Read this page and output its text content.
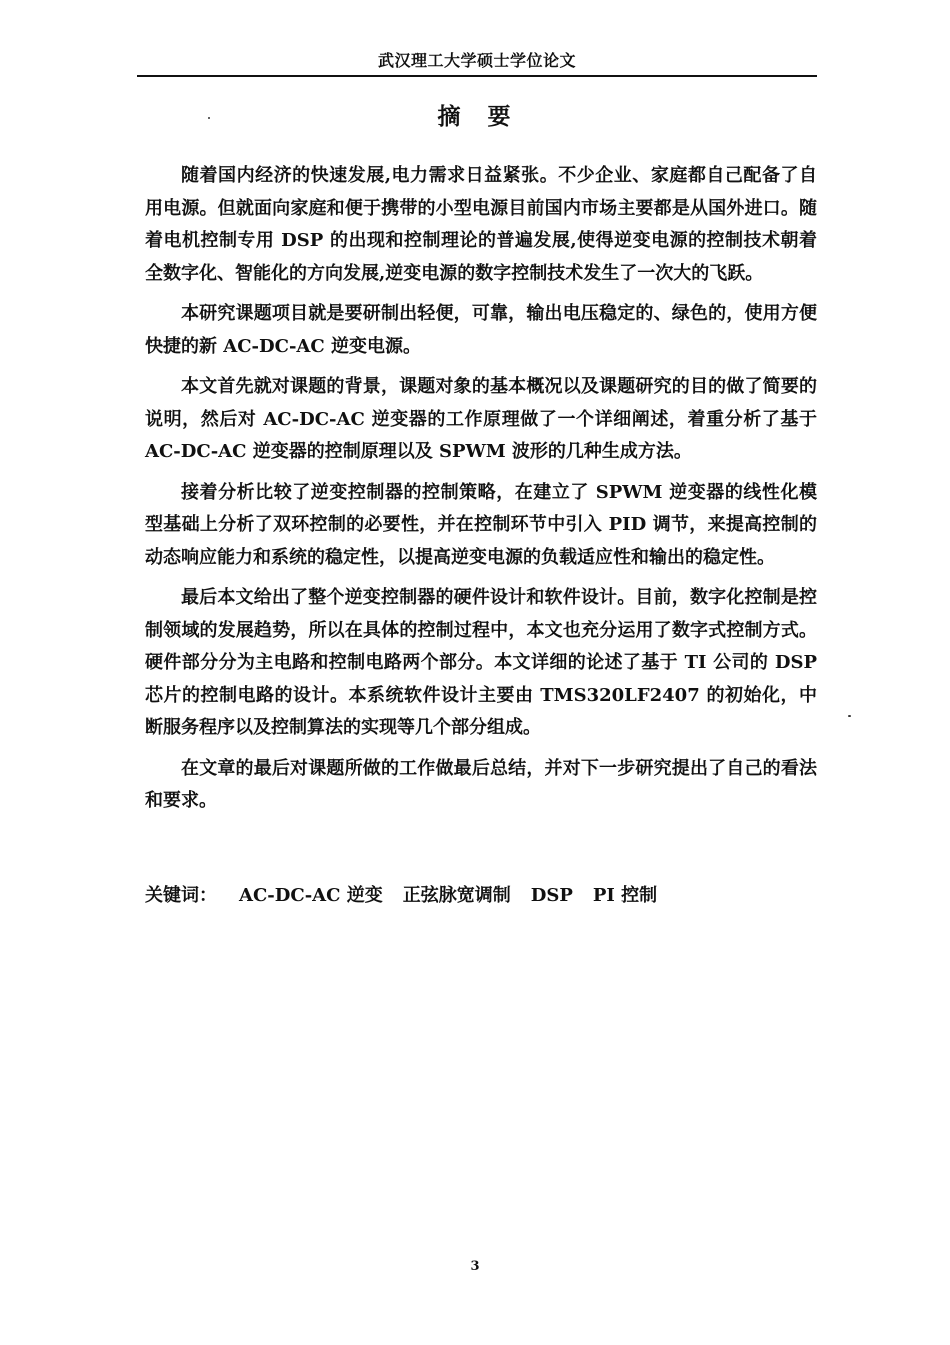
武汉理工大学硕士学位论文
摘　要

随着国内经济的快速发展,电力需求日益紧张。不少企业、家庭都自己配备了自用电源。但就面向家庭和便于携带的小型电源目前国内市场主要都是从国外进口。随着电机控制专用 DSP 的出现和控制理论的普遍发展,使得逆变电源的控制技术朝着全数字化、智能化的方向发展,逆变电源的数字控制技术发生了一次大的飞跃。

本研究课题项目就是要研制出轻便，可靠，输出电压稳定的、绿色的，使用方便快捷的新 AC-DC-AC 逆变电源。

本文首先就对课题的背景，课题对象的基本概况以及课题研究的目的做了简要的说明，然后对 AC-DC-AC 逆变器的工作原理做了一个详细阐述，着重分析了基于 AC-DC-AC 逆变器的控制原理以及 SPWM 波形的几种生成方法。

接着分析比较了逆变控制器的控制策略，在建立了 SPWM 逆变器的线性化模型基础上分析了双环控制的必要性，并在控制环节中引入 PID 调节，来提高控制的动态响应能力和系统的稳定性，以提高逆变电源的负载适应性和输出的稳定性。

最后本文给出了整个逆变控制器的硬件设计和软件设计。目前，数字化控制是控制领域的发展趋势，所以在具体的控制过程中，本文也充分运用了数字式控制方式。硬件部分分为主电路和控制电路两个部分。本文详细的论述了基于 TI 公司的 DSP 芯片的控制电路的设计。本系统软件设计主要由 TMS320LF2407 的初始化，中断服务程序以及控制算法的实现等几个部分组成。

在文章的最后对课题所做的工作做最后总结，并对下一步研究提出了自己的看法和要求。

关键词： AC-DC-AC 逆变 正弦脉宽调制 DSP PI 控制
3
